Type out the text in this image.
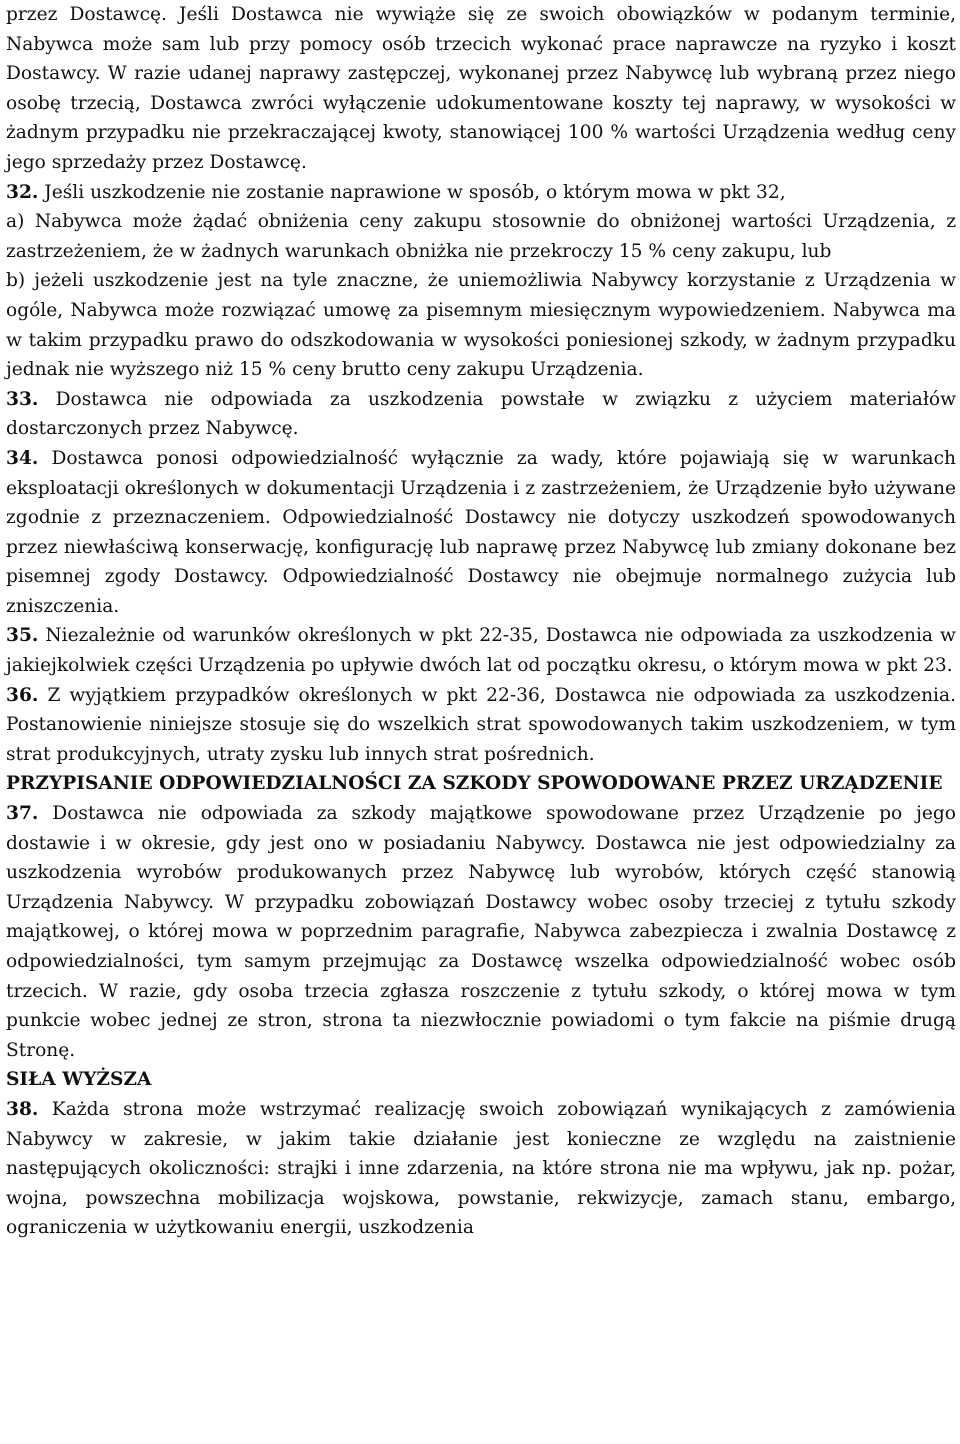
przez Dostawcę. Jeśli Dostawca nie wywiąże się ze swoich obowiązków w podanym terminie, Nabywca może sam lub przy pomocy osób trzecich wykonać prace naprawcze na ryzyko i koszt Dostawcy. W razie udanej naprawy zastępczej, wykonanej przez Nabywcę lub wybraną przez niego osobę trzecią, Dostawca zwróci wyłączenie udokumentowane koszty tej naprawy, w wysokości w żadnym przypadku nie przekraczającej kwoty, stanowiącej 100 % wartości Urządzenia według ceny jego sprzedaży przez Dostawcę.

32. Jeśli uszkodzenie nie zostanie naprawione w sposób, o którym mowa w pkt 32,

a) Nabywca może żądać obniżenia ceny zakupu stosownie do obniżonej wartości Urządzenia, z zastrzeżeniem, że w żadnych warunkach obniżka nie przekroczy 15 % ceny zakupu, lub

b) jeżeli uszkodzenie jest na tyle znaczne, że uniemożliwia Nabywcy korzystanie z Urządzenia w ogóle, Nabywca może rozwiązać umowę za pisemnym miesięcznym wypowiedzeniem. Nabywca ma w takim przypadku prawo do odszkodowania w wysokości poniesionej szkody, w żadnym przypadku jednak nie wyższego niż 15 % ceny brutto ceny zakupu Urządzenia.

33. Dostawca nie odpowiada za uszkodzenia powstałe w związku z użyciem materiałów dostarczonych przez Nabywcę.

34. Dostawca ponosi odpowiedzialność wyłącznie za wady, które pojawiają się w warunkach eksploatacji określonych w dokumentacji Urządzenia i z zastrzeżeniem, że Urządzenie było używane zgodnie z przeznaczeniem. Odpowiedzialność Dostawcy nie dotyczy uszkodzeń spowodowanych przez niewłaściwą konserwację, konfigurację lub naprawę przez Nabywcę lub zmiany dokonane bez pisemnej zgody Dostawcy. Odpowiedzialność Dostawcy nie obejmuje normalnego zużycia lub zniszczenia.

35. Niezależnie od warunków określonych w pkt 22-35, Dostawca nie odpowiada za uszkodzenia w jakiejkolwiek części Urządzenia po upływie dwóch lat od początku okresu, o którym mowa w pkt 23.

36. Z wyjątkiem przypadków określonych w pkt 22-36, Dostawca nie odpowiada za uszkodzenia. Postanowienie niniejsze stosuje się do wszelkich strat spowodowanych takim uszkodzeniem, w tym strat produkcyjnych, utraty zysku lub innych strat pośrednich.

PRZYPISANIE ODPOWIEDZIALNOŚCI ZA SZKODY SPOWODOWANE PRZEZ URZĄDZENIE

37. Dostawca nie odpowiada za szkody majątkowe spowodowane przez Urządzenie po jego dostawie i w okresie, gdy jest ono w posiadaniu Nabywcy. Dostawca nie jest odpowiedzialny za uszkodzenia wyrobów produkowanych przez Nabywcę lub wyrobów, których część stanowią Urządzenia Nabywcy. W przypadku zobowiązań Dostawcy wobec osoby trzeciej z tytułu szkody majątkowej, o której mowa w poprzednim paragrafie, Nabywca zabezpiecza i zwalnia Dostawcę z odpowiedzialności, tym samym przejmując za Dostawcę wszelka odpowiedzialność wobec osób trzecich. W razie, gdy osoba trzecia zgłasza roszczenie z tytułu szkody, o której mowa w tym punkcie wobec jednej ze stron, strona ta niezwłocznie powiadomi o tym fakcie na piśmie drugą Stronę.

SIŁA WYŻSZA

38. Każda strona może wstrzymać realizację swoich zobowiązań wynikających z zamówienia Nabywcy w zakresie, w jakim takie działanie jest konieczne ze względu na zaistnienie następujących okoliczności: strajki i inne zdarzenia, na które strona nie ma wpływu, jak np. pożar, wojna, powszechna mobilizacja wojskowa, powstanie, rekwizycje, zamach stanu, embargo, ograniczenia w użytkowaniu energii, uszkodzenia
